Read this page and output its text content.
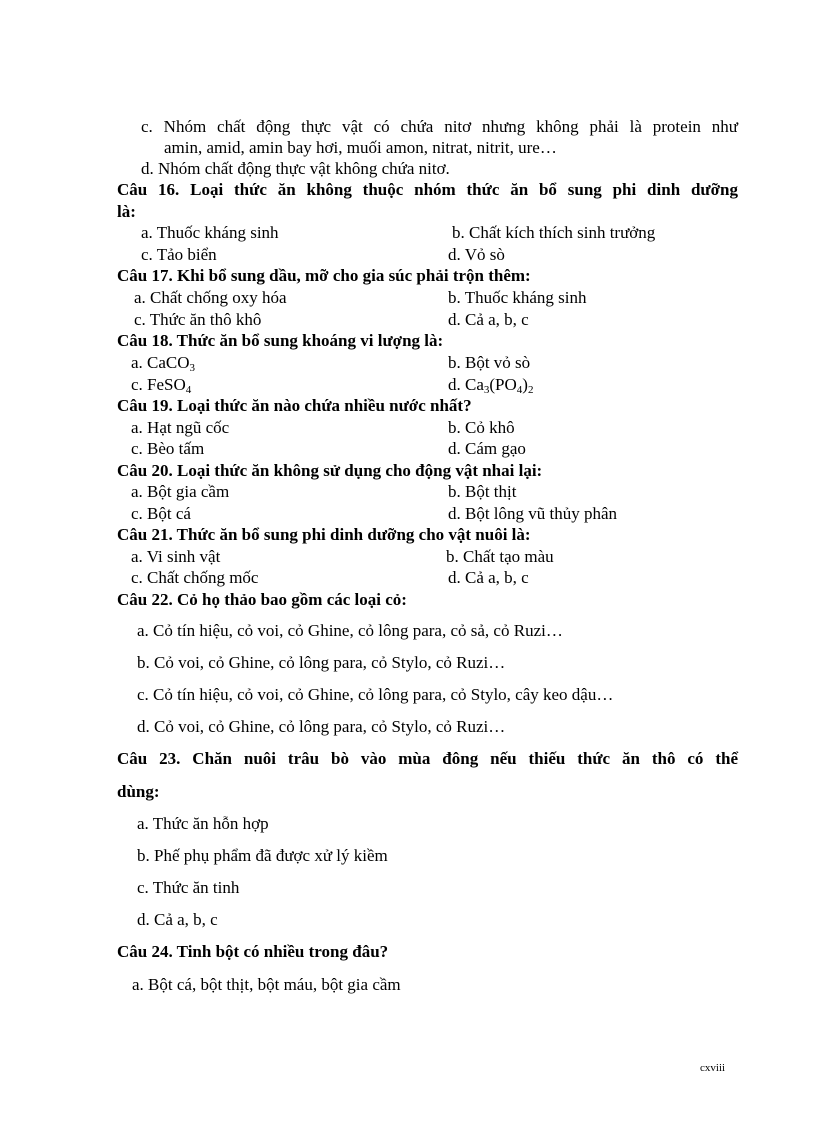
c. Nhóm chất động thực vật có chứa nitơ nhưng không phải là protein như
amin, amid, amin bay hơi, muối amon, nitrat, nitrit, ure…
d. Nhóm chất động thực vật không chứa nitơ.
Câu 16. Loại thức ăn không thuộc nhóm thức ăn bổ sung phi dinh dưỡng
là:
a. Thuốc kháng sinh	b. Chất kích thích sinh trưởng
c. Tảo biển	d. Vỏ sò
Câu 17. Khi bổ sung dầu, mỡ cho gia súc phải trộn thêm:
a. Chất chống oxy hóa	b. Thuốc kháng sinh
c. Thức ăn thô khô	d. Cả a, b, c
Câu 18. Thức ăn bổ sung khoáng vi lượng là:
a. CaCO$_3$	b. Bột vỏ sò
c. FeSO$_4$	d. $Ca_3(PO_4)_2$
Câu 19. Loại thức ăn nào chứa nhiều nước nhất?
a. Hạt ngũ cốc	b. Cỏ khô
c. Bèo tấm	d. Cám gạo
Câu 20. Loại thức ăn không sử dụng cho động vật nhai lại:
a. Bột gia cầm	b. Bột thịt
c. Bột cá	d. Bột lông vũ thủy phân
Câu 21. Thức ăn bổ sung phi dinh dưỡng cho vật nuôi là:
a. Vi sinh vật	b. Chất tạo màu
c. Chất chống mốc	d. Cả a, b, c
Câu 22. Cỏ họ thảo bao gồm các loại cỏ:
a. Cỏ tín hiệu, cỏ voi, cỏ Ghine, cỏ lông para, cỏ sả, cỏ Ruzi…
b. Cỏ voi, cỏ Ghine, cỏ lông para, cỏ Stylo, cỏ Ruzi…
c. Cỏ tín hiệu, cỏ voi, cỏ Ghine, cỏ lông para, cỏ Stylo, cây keo dậu…
d. Cỏ voi, cỏ Ghine, cỏ lông para, cỏ Stylo, cỏ Ruzi…
Câu 23. Chăn nuôi trâu bò vào mùa đông nếu thiếu thức ăn thô có thể
dùng:
a. Thức ăn hỗn hợp
b. Phế phụ phẩm đã được xử lý kiềm
c. Thức ăn tinh
d. Cả a, b, c
Câu 24. Tinh bột có nhiều trong đâu?
a. Bột cá, bột thịt, bột máu, bột gia cầm
cxviii
